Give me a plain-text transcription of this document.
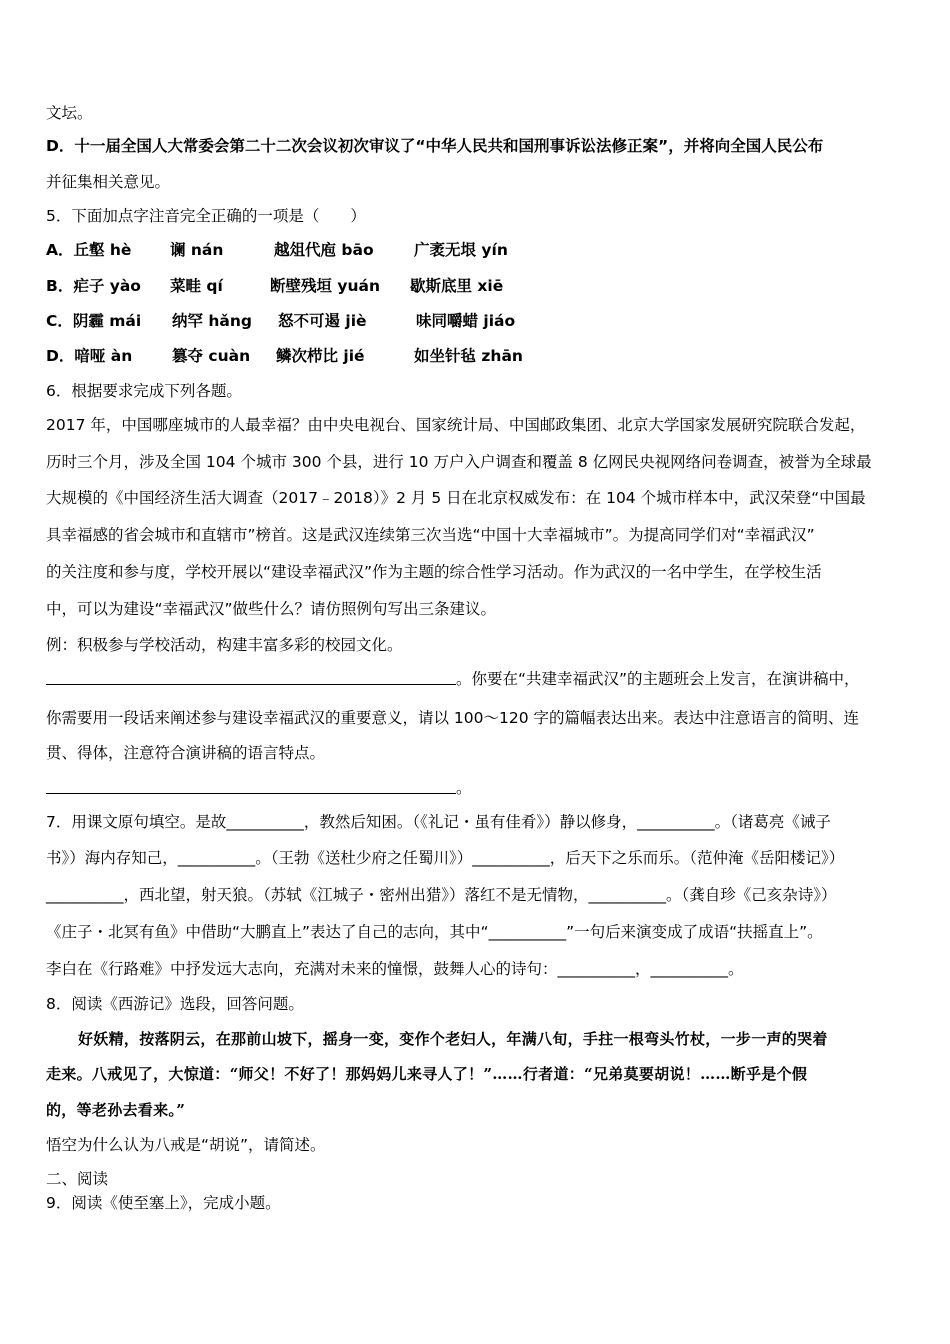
文坛。
D．十一届全国人大常委会第二十二次会议初次审议了“中华人民共和国刑事诉讼法修正案”，并将向全国人民公布
并征集相关意见。
5．下面加点字注音完全正确的一项是（　　）
A．丘壑 hè 谰 nán	越俎代庖 bāo	广袤无垠 yín
B．疟子 yào 菜畦 qí	断壁残垣 yuán 歇斯底里 xiē
C．阴霾 mái 纳罕 hǎng 怒不可遏 jiè	味同嚼蜡 jiáo
D．喑哑 àn	篡夺 cuàn 鳞次栉比 jié	如坐针毡 zhān
6．根据要求完成下列各题。
2017 年，中国哪座城市的人最幸福？由中央电视台、国家统计局、中国邮政集团、北京大学国家发展研究院联合发起，
历时三个月，涉及全国 104 个城市 300 个县，进行 10 万户入户调查和覆盖 8 亿网民央视网络问卷调查，被誉为全球最
大规模的《中国经济生活大调查（2017﹣2018）》2 月 5 日在北京权威发布：在 104 个城市样本中，武汉荣登“中国最
具幸福感的省会城市和直辖市”榜首。这是武汉连续第三次当选“中国十大幸福城市”。为提高同学们对“幸福武汉”
的关注度和参与度，学校开展以“建设幸福武汉”作为主题的综合性学习活动。作为武汉的一名中学生，在学校生活
中，可以为建设“幸福武汉”做些什么？请仿照例句写出三条建议。
例：积极参与学校活动，构建丰富多彩的校园文化。
。你要在“共建幸福武汉”的主题班会上发言，在演讲稿中，
你需要用一段话来阐述参与建设幸福武汉的重要意义，请以 100～120 字的篇幅表达出来。表达中注意语言的简明、连
贯、得体，注意符合演讲稿的语言特点。
。
7．用课文原句填空。是故__________，教然后知困。（《礼记・虽有佳肴》）静以修身，__________。（诸葛亮《诫子
书》）海内存知己，__________。（王勃《送杜少府之任蜀川》）__________，后天下之乐而乐。（范仲淹《岳阳楼记》）
__________，西北望，射天狼。（苏轼《江城子・密州出猎》）落红不是无情物，__________。（龚自珍《己亥杂诗》）
《庄子・北冥有鱼》中借助“大鹏直上”表达了自己的志向，其中“__________”一句后来演变成了成语“扶摇直上”。
李白在《行路难》中抒发远大志向，充满对未来的憧憬，鼓舞人心的诗句：__________，__________。
8．阅读《西游记》选段，回答问题。
好妖精，按落阴云，在那前山坡下，摇身一变，变作个老妇人，年满八旬，手拄一根弯头竹杖，一步一声的哭着
走来。八戒见了，大惊道：“师父！不好了！那妈妈儿来寻人了！”……行者道：“兄弟莫要胡说！……断乎是个假
的，等老孙去看来。”
悟空为什么认为八戒是“胡说”，请简述。
二、阅读
9．阅读《使至塞上》，完成小题。
